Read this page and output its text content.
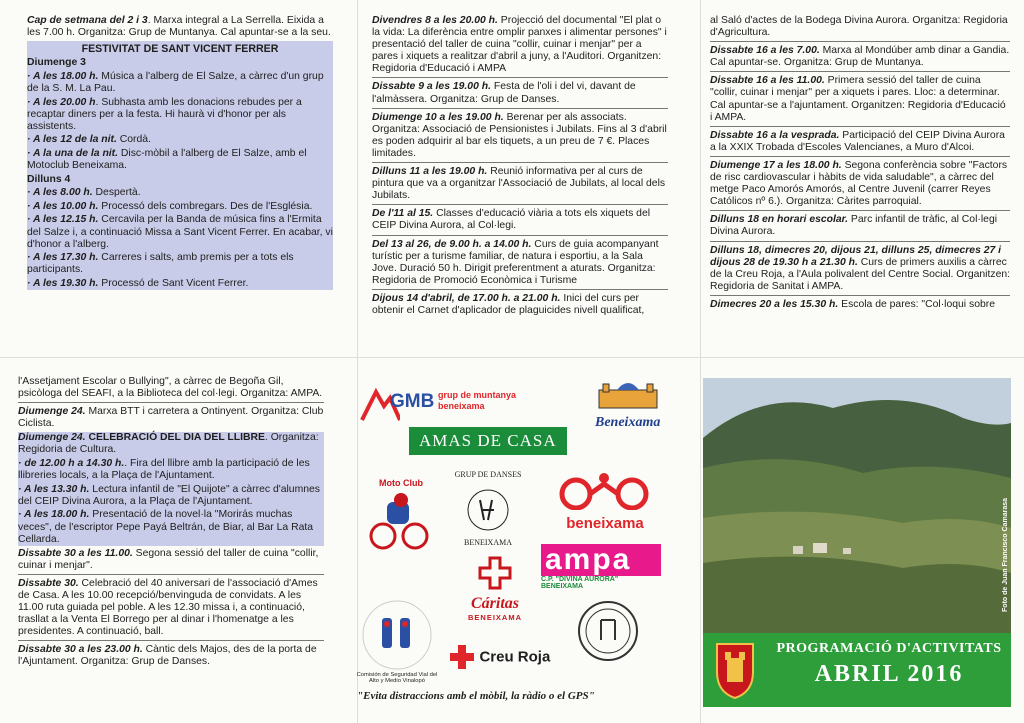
Cap de setmana del 2 i 3. Marxa integral a La Serrella. Eixida a les 7.00 h. Organitza: Grup de Muntanya. Cal apuntar-se a la seu.

FESTIVITAT DE SANT VICENT FERRER

Diumenge 3

· A les 18.00 h. Música a l'alberg de El Salze, a càrrec d'un grup de la S. M. La Pau.

· A les 20.00 h. Subhasta amb les donacions rebudes per a recaptar diners per a la festa. Hi haurà vi d'honor per als assistents.

· A les 12 de la nit. Cordà.

· A la una de la nit. Disc-mòbil a l'alberg de El Salze, amb el Motoclub Beneixama.

Dilluns 4

· A les 8.00 h. Despertà.

· A les 10.00 h. Processó dels combregars. Des de l'Església.

· A les 12.15 h. Cercavila per la Banda de música fins a l'Ermita del Salze i, a continuació Missa a Sant Vicent Ferrer. En acabar, vi d'honor a l'alberg.

· A les 17.30 h. Carreres i salts, amb premis per a tots els participants.

· A les 19.30 h. Processó de Sant Vicent Ferrer.

Divendres 8 a les 20.00 h. Projecció del documental "El plat o la vida: La diferència entre omplir panxes i alimentar persones" i presentació del taller de cuina "collir, cuinar i menjar" per a pares i xiquets a realitzar d'abril a juny, a l'Auditori. Organitzen: Regidoria d'Educació i AMPA

Dissabte 9 a les 19.00 h. Festa de l'oli i del vi, davant de l'almàssera. Organitza: Grup de Danses.

Diumenge 10 a les 19.00 h. Berenar per als associats. Organitza: Associació de Pensionistes i Jubilats. Fins al 3 d'abril es poden adquirir al bar els tiquets, a un preu de 7 €. Places limitades.

Dilluns 11 a les 19.00 h. Reunió informativa per al curs de pintura que va a organitzar l'Associació de Jubilats, al local dels Jubilats.

De l'11 al 15. Classes d'educació viària a tots els xiquets del CEIP Divina Aurora, al Col·legi.

Del 13 al 26, de 9.00 h. a 14.00 h. Curs de guia acompanyant turístic per a turisme familiar, de natura i esportiu, a la Sala Jove. Duració 50 h. Dirigit preferentment a aturats. Organitza: Regidoria de Promoció Econòmica i Turisme

Dijous 14 d'abril, de 17.00 h. a 21.00 h. Inici del curs per obtenir el Carnet d'aplicador de plaguicides nivell qualificat,

al Saló d'actes de la Bodega Divina Aurora. Organitza: Regidoria d'Agricultura.

Dissabte 16 a les 7.00. Marxa al Mondúber amb dinar a Gandia. Cal apuntar-se. Organitza: Grup de Muntanya.

Dissabte 16 a les 11.00. Primera sessió del taller de cuina "collir, cuinar i menjar" per a xiquets i pares. Lloc: a determinar. Cal apuntar-se a l'ajuntament. Organitzen: Regidoria d'Educació i AMPA.

Dissabte 16 a la vesprada. Participació del CEIP Divina Aurora a la XXIX Trobada d'Escoles Valencianes, a Muro d'Alcoi.

Diumenge 17 a les 18.00 h. Segona conferència sobre "Factors de risc cardiovascular i hàbits de vida saludable", a càrrec del metge Paco Amorós Amorós, al Centre Juvenil (carrer Reyes Católicos nº 6.). Organitza: Càrites parroquial.

Dilluns 18 en horari escolar. Parc infantil de tràfic, al Col·legi Divina Aurora.

Dilluns 18, dimecres 20, dijous 21, dilluns 25, dimecres 27 i dijous 28 de 19.30 h a 21.30 h. Curs de primers auxilis a càrrec de la Creu Roja, a l'Aula polivalent del Centre Social. Organitzen: Regidoria de Sanitat i AMPA.

Dimecres 20 a les 15.30 h. Escola de pares: "Col·loqui sobre

l'Assetjament Escolar o Bullying", a càrrec de Begoña Gil, psicòloga del SEAFI, a la Biblioteca del col·legi. Organitza: AMPA.

Diumenge 24. Marxa BTT i carretera a Ontinyent. Organitza: Club Ciclista.

Diumenge 24. CELEBRACIÓ DEL DIA DEL LLIBRE. Organitza: Regidoria de Cultura.

· de 12.00 h a 14.30 h.. Fira del llibre amb la participació de les llibreries locals, a la Plaça de l'Ajuntament.

· A les 13.30 h. Lectura infantil de "El Quijote" a càrrec d'alumnes del CEIP Divina Aurora, a la Plaça de l'Ajuntament.

· A les 18.00 h. Presentació de la novel·la "Morirás muchas veces", de l'escriptor Pepe Payá Beltrán, de Biar, al Bar La Rata Cellarda.

Dissabte 30 a les 11.00. Segona sessió del taller de cuina "collir, cuinar i menjar".

Dissabte 30. Celebració del 40 aniversari de l'associació d'Ames de Casa. A les 10.00 recepció/benvinguda de convidats. A les 11.00 ruta guiada pel poble. A les 12.30 missa i, a continuació, trasllat a la Venta El Borrego per al dinar i l'homenatge a les presidentes. A continuació, ball.

Dissabte 30 a les 23.00 h. Càntic dels Majos, des de la porta de l'Ajuntament. Organitza: Grup de Danses.

GMB grup de muntanya
beneixama
Beneixama
AMAS DE CASA
Moto Club
GRUP DE DANSES
BENEIXAMA
beneixama
ampa
C.P. "DIVINA AURORA" BENEIXAMA
Comisión de Seguridad Vial del Alto y Medio Vinalopó
Cáritas
BENEIXAMA
Creu Roja
"Evita distraccions amb el mòbil, la ràdio o el GPS"
Foto de Juan Francisco Camarasa
PROGRAMACIÓ D'ACTIVITATS
ABRIL 2016
